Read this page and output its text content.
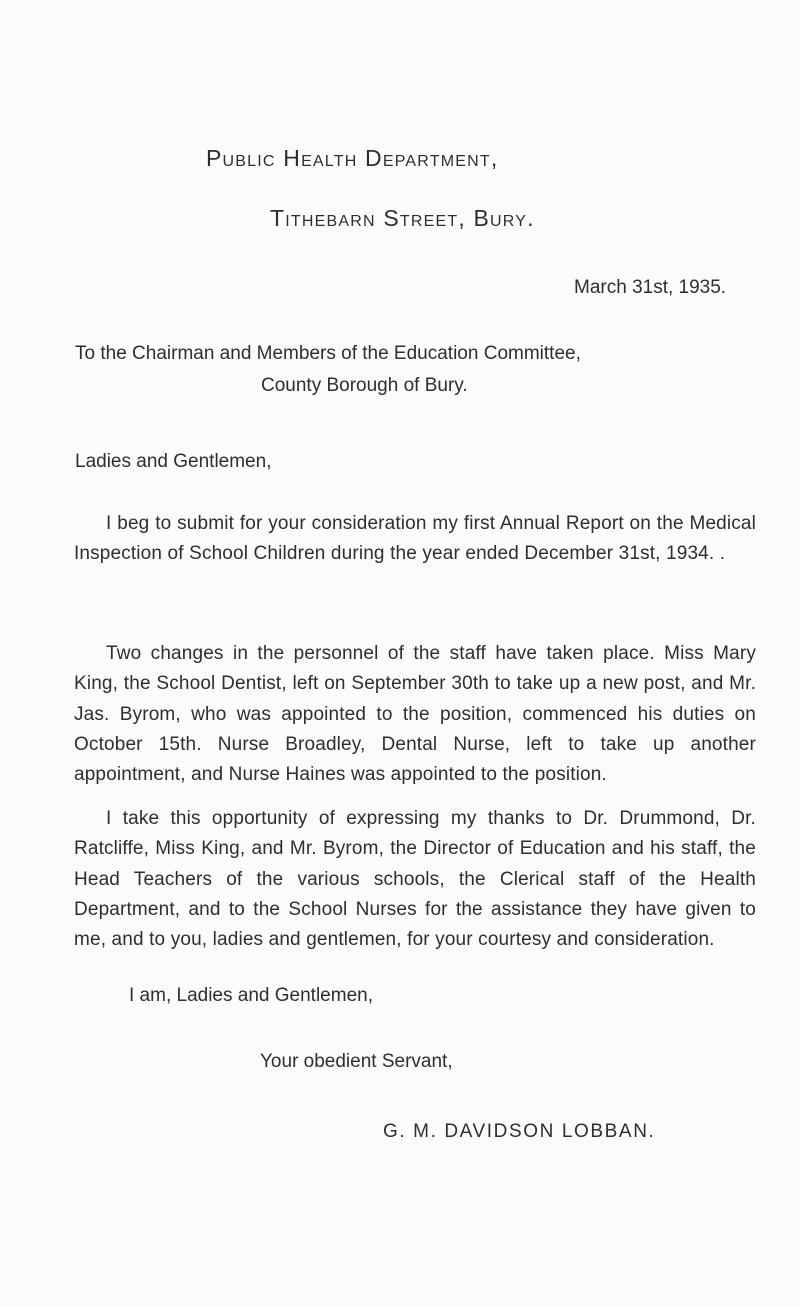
Public Health Department,
Tithebarn Street, Bury.
March 31st, 1935.
To the Chairman and Members of the Education Committee,
County Borough of Bury.
Ladies and Gentlemen,
I beg to submit for your consideration my first Annual Report on the Medical Inspection of School Children during the year ended December 31st, 1934. .
Two changes in the personnel of the staff have taken place. Miss Mary King, the School Dentist, left on September 30th to take up a new post, and Mr. Jas. Byrom, who was appointed to the position, commenced his duties on October 15th. Nurse Broadley, Dental Nurse, left to take up another appointment, and Nurse Haines was appointed to the position.
I take this opportunity of expressing my thanks to Dr. Drummond, Dr. Ratcliffe, Miss King, and Mr. Byrom, the Director of Education and his staff, the Head Teachers of the various schools, the Clerical staff of the Health Department, and to the School Nurses for the assistance they have given to me, and to you, ladies and gentlemen, for your courtesy and consideration.
I am, Ladies and Gentlemen,
Your obedient Servant,
G. M. DAVIDSON LOBBAN.
